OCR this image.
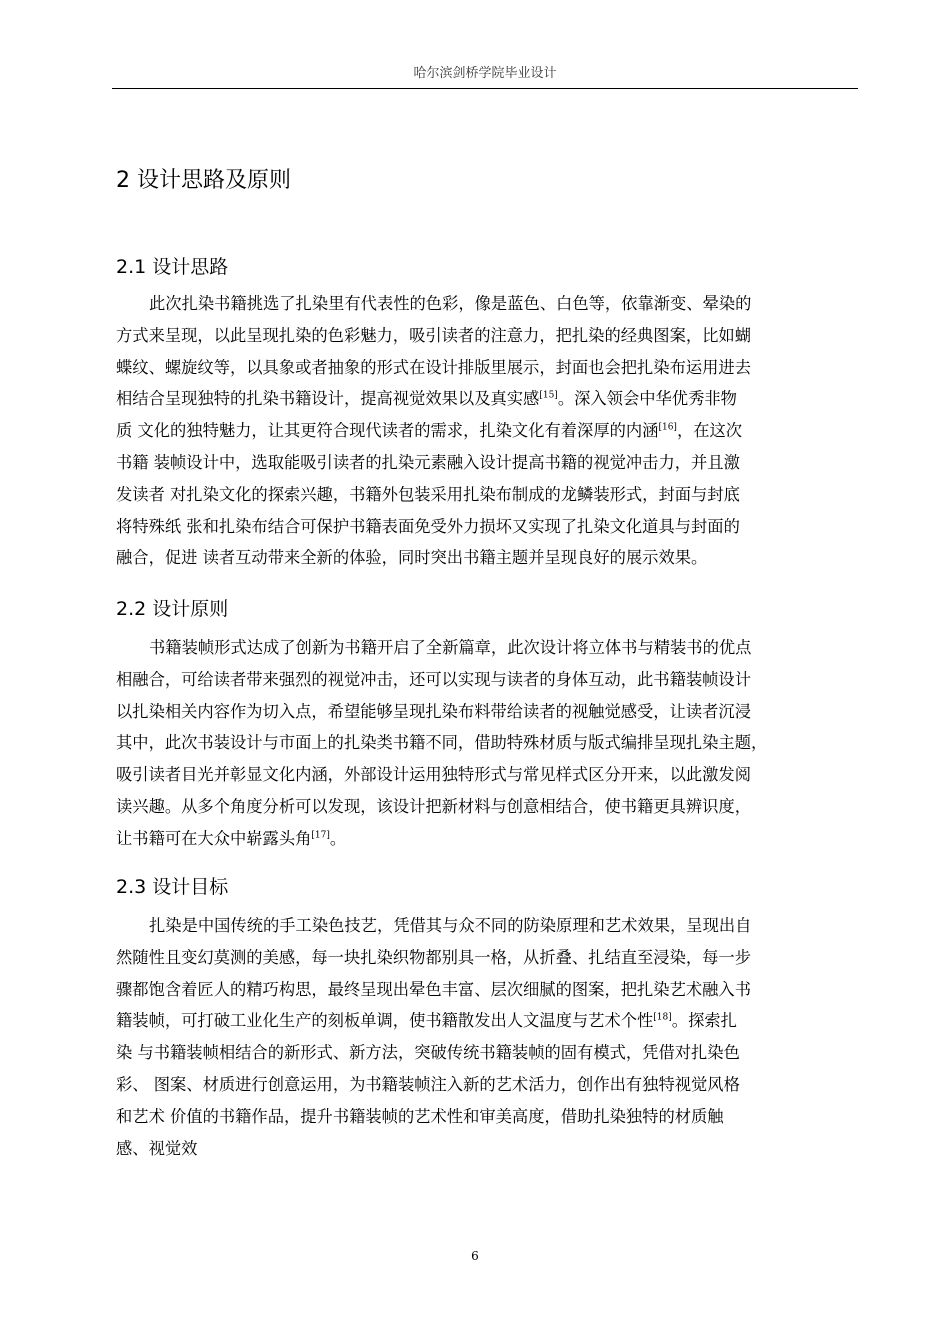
哈尔滨剑桥学院毕业设计
2 设计思路及原则
2.1 设计思路
此次扎染书籍挑选了扎染里有代表性的色彩，像是蓝色、白色等，依靠渐变、晕染的
方式来呈现，以此呈现扎染的色彩魅力，吸引读者的注意力，把扎染的经典图案，比如蝴
蝶纹、螺旋纹等，以具象或者抽象的形式在设计排版里展示，封面也会把扎染布运用进去
相结合呈现独特的扎染书籍设计，提高视觉效果以及真实感[15]。深入领会中华优秀非物
质 文化的独特魅力，让其更符合现代读者的需求，扎染文化有着深厚的内涵[16]，在这次
书籍 装帧设计中，选取能吸引读者的扎染元素融入设计提高书籍的视觉冲击力，并且激
发读者 对扎染文化的探索兴趣，书籍外包装采用扎染布制成的龙鳞装形式，封面与封底
将特殊纸 张和扎染布结合可保护书籍表面免受外力损坏又实现了扎染文化道具与封面的
融合，促进 读者互动带来全新的体验，同时突出书籍主题并呈现良好的展示效果。
2.2 设计原则
书籍装帧形式达成了创新为书籍开启了全新篇章，此次设计将立体书与精装书的优点
相融合，可给读者带来强烈的视觉冲击，还可以实现与读者的身体互动，此书籍装帧设计
以扎染相关内容作为切入点，希望能够呈现扎染布料带给读者的视触觉感受，让读者沉浸
其中，此次书装设计与市面上的扎染类书籍不同，借助特殊材质与版式编排呈现扎染主题，
吸引读者目光并彰显文化内涵，外部设计运用独特形式与常见样式区分开来，以此激发阅
读兴趣。从多个角度分析可以发现，该设计把新材料与创意相结合，使书籍更具辨识度，
让书籍可在大众中崭露头角[17]。
2.3 设计目标
扎染是中国传统的手工染色技艺，凭借其与众不同的防染原理和艺术效果，呈现出自
然随性且变幻莫测的美感，每一块扎染织物都别具一格，从折叠、扎结直至浸染，每一步
骤都饱含着匠人的精巧构思，最终呈现出晕色丰富、层次细腻的图案，把扎染艺术融入书
籍装帧，可打破工业化生产的刻板单调，使书籍散发出人文温度与艺术个性[18]。探索扎
染 与书籍装帧相结合的新形式、新方法，突破传统书籍装帧的固有模式，凭借对扎染色
彩、 图案、材质进行创意运用，为书籍装帧注入新的艺术活力，创作出有独特视觉风格
和艺术 价值的书籍作品，提升书籍装帧的艺术性和审美高度，借助扎染独特的材质触
感、视觉效
6
